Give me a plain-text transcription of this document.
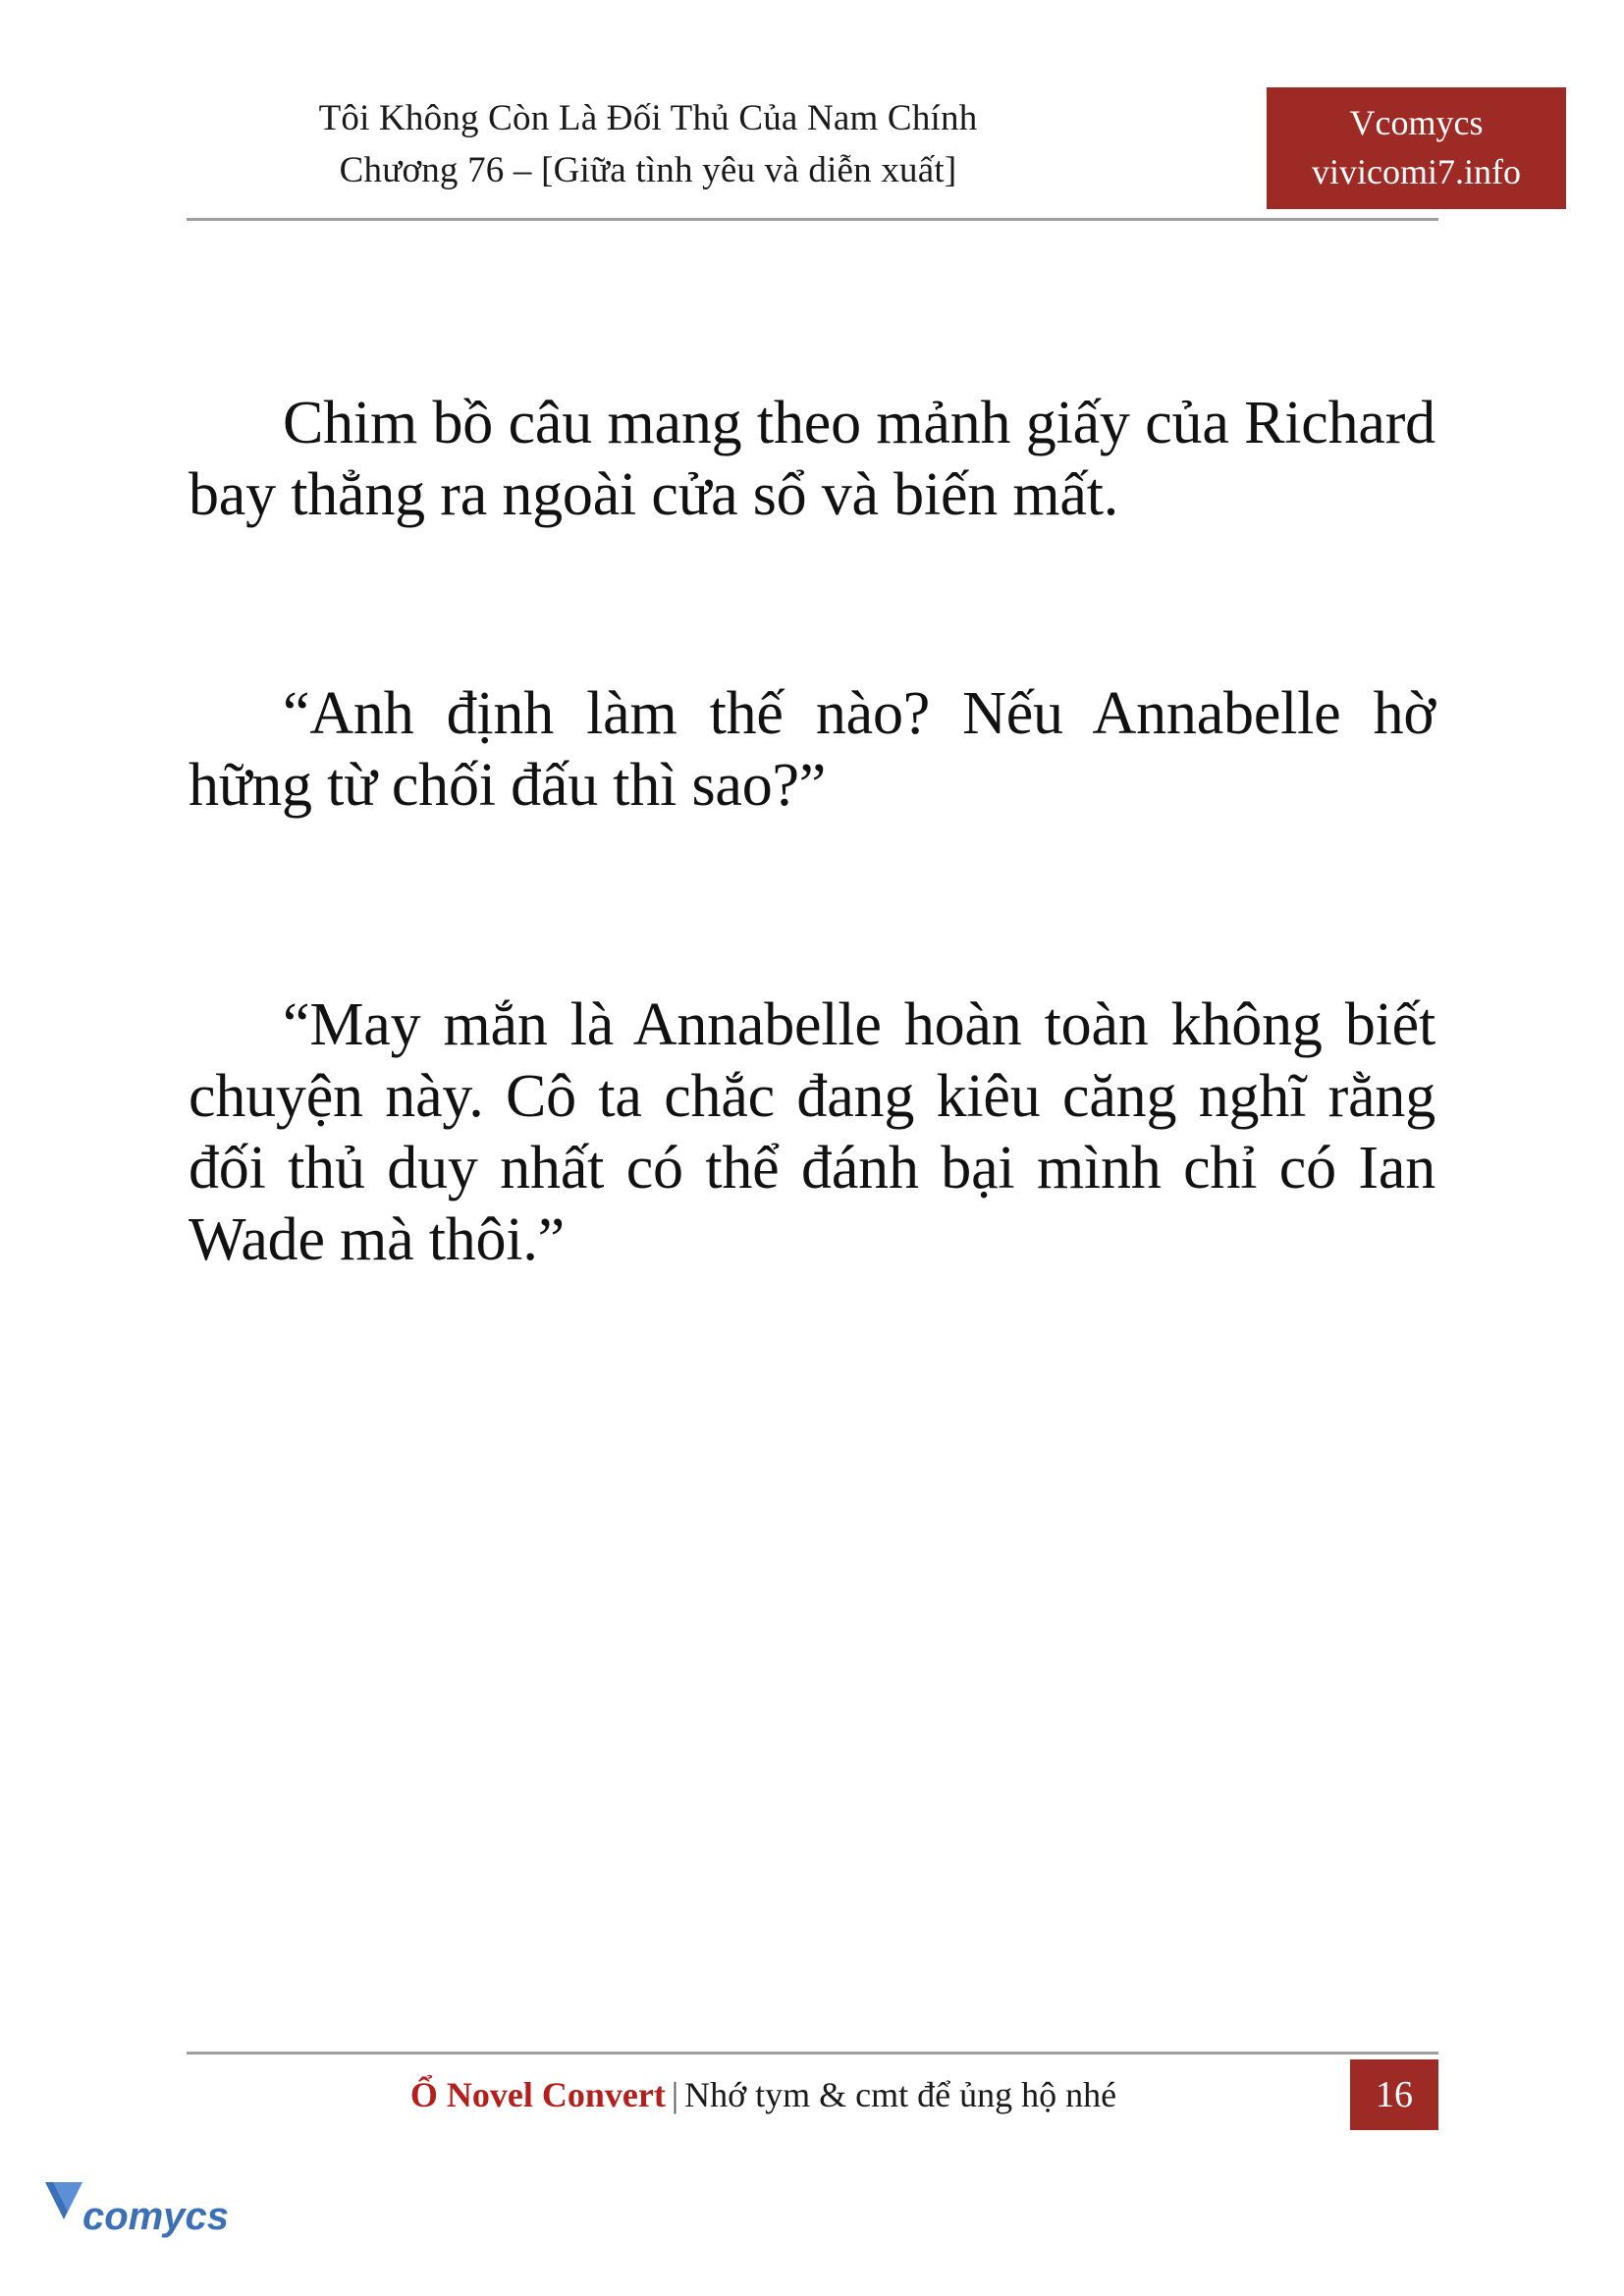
Tôi Không Còn Là Đối Thủ Của Nam Chính
Chương 76 – [Giữa tình yêu và diễn xuất]
Vcomycs
vivicomi7.info

Chim bồ câu mang theo mảnh giấy của Richard bay thẳng ra ngoài cửa sổ và biến mất.

“Anh định làm thế nào? Nếu Annabelle hờ hững từ chối đấu thì sao?”

“May mắn là Annabelle hoàn toàn không biết chuyện này. Cô ta chắc đang kiêu căng nghĩ rằng đối thủ duy nhất có thể đánh bại mình chỉ có Ian Wade mà thôi.”

Ổ Novel Convert | Nhớ tym & cmt để ủng hộ nhé	16
comycs
